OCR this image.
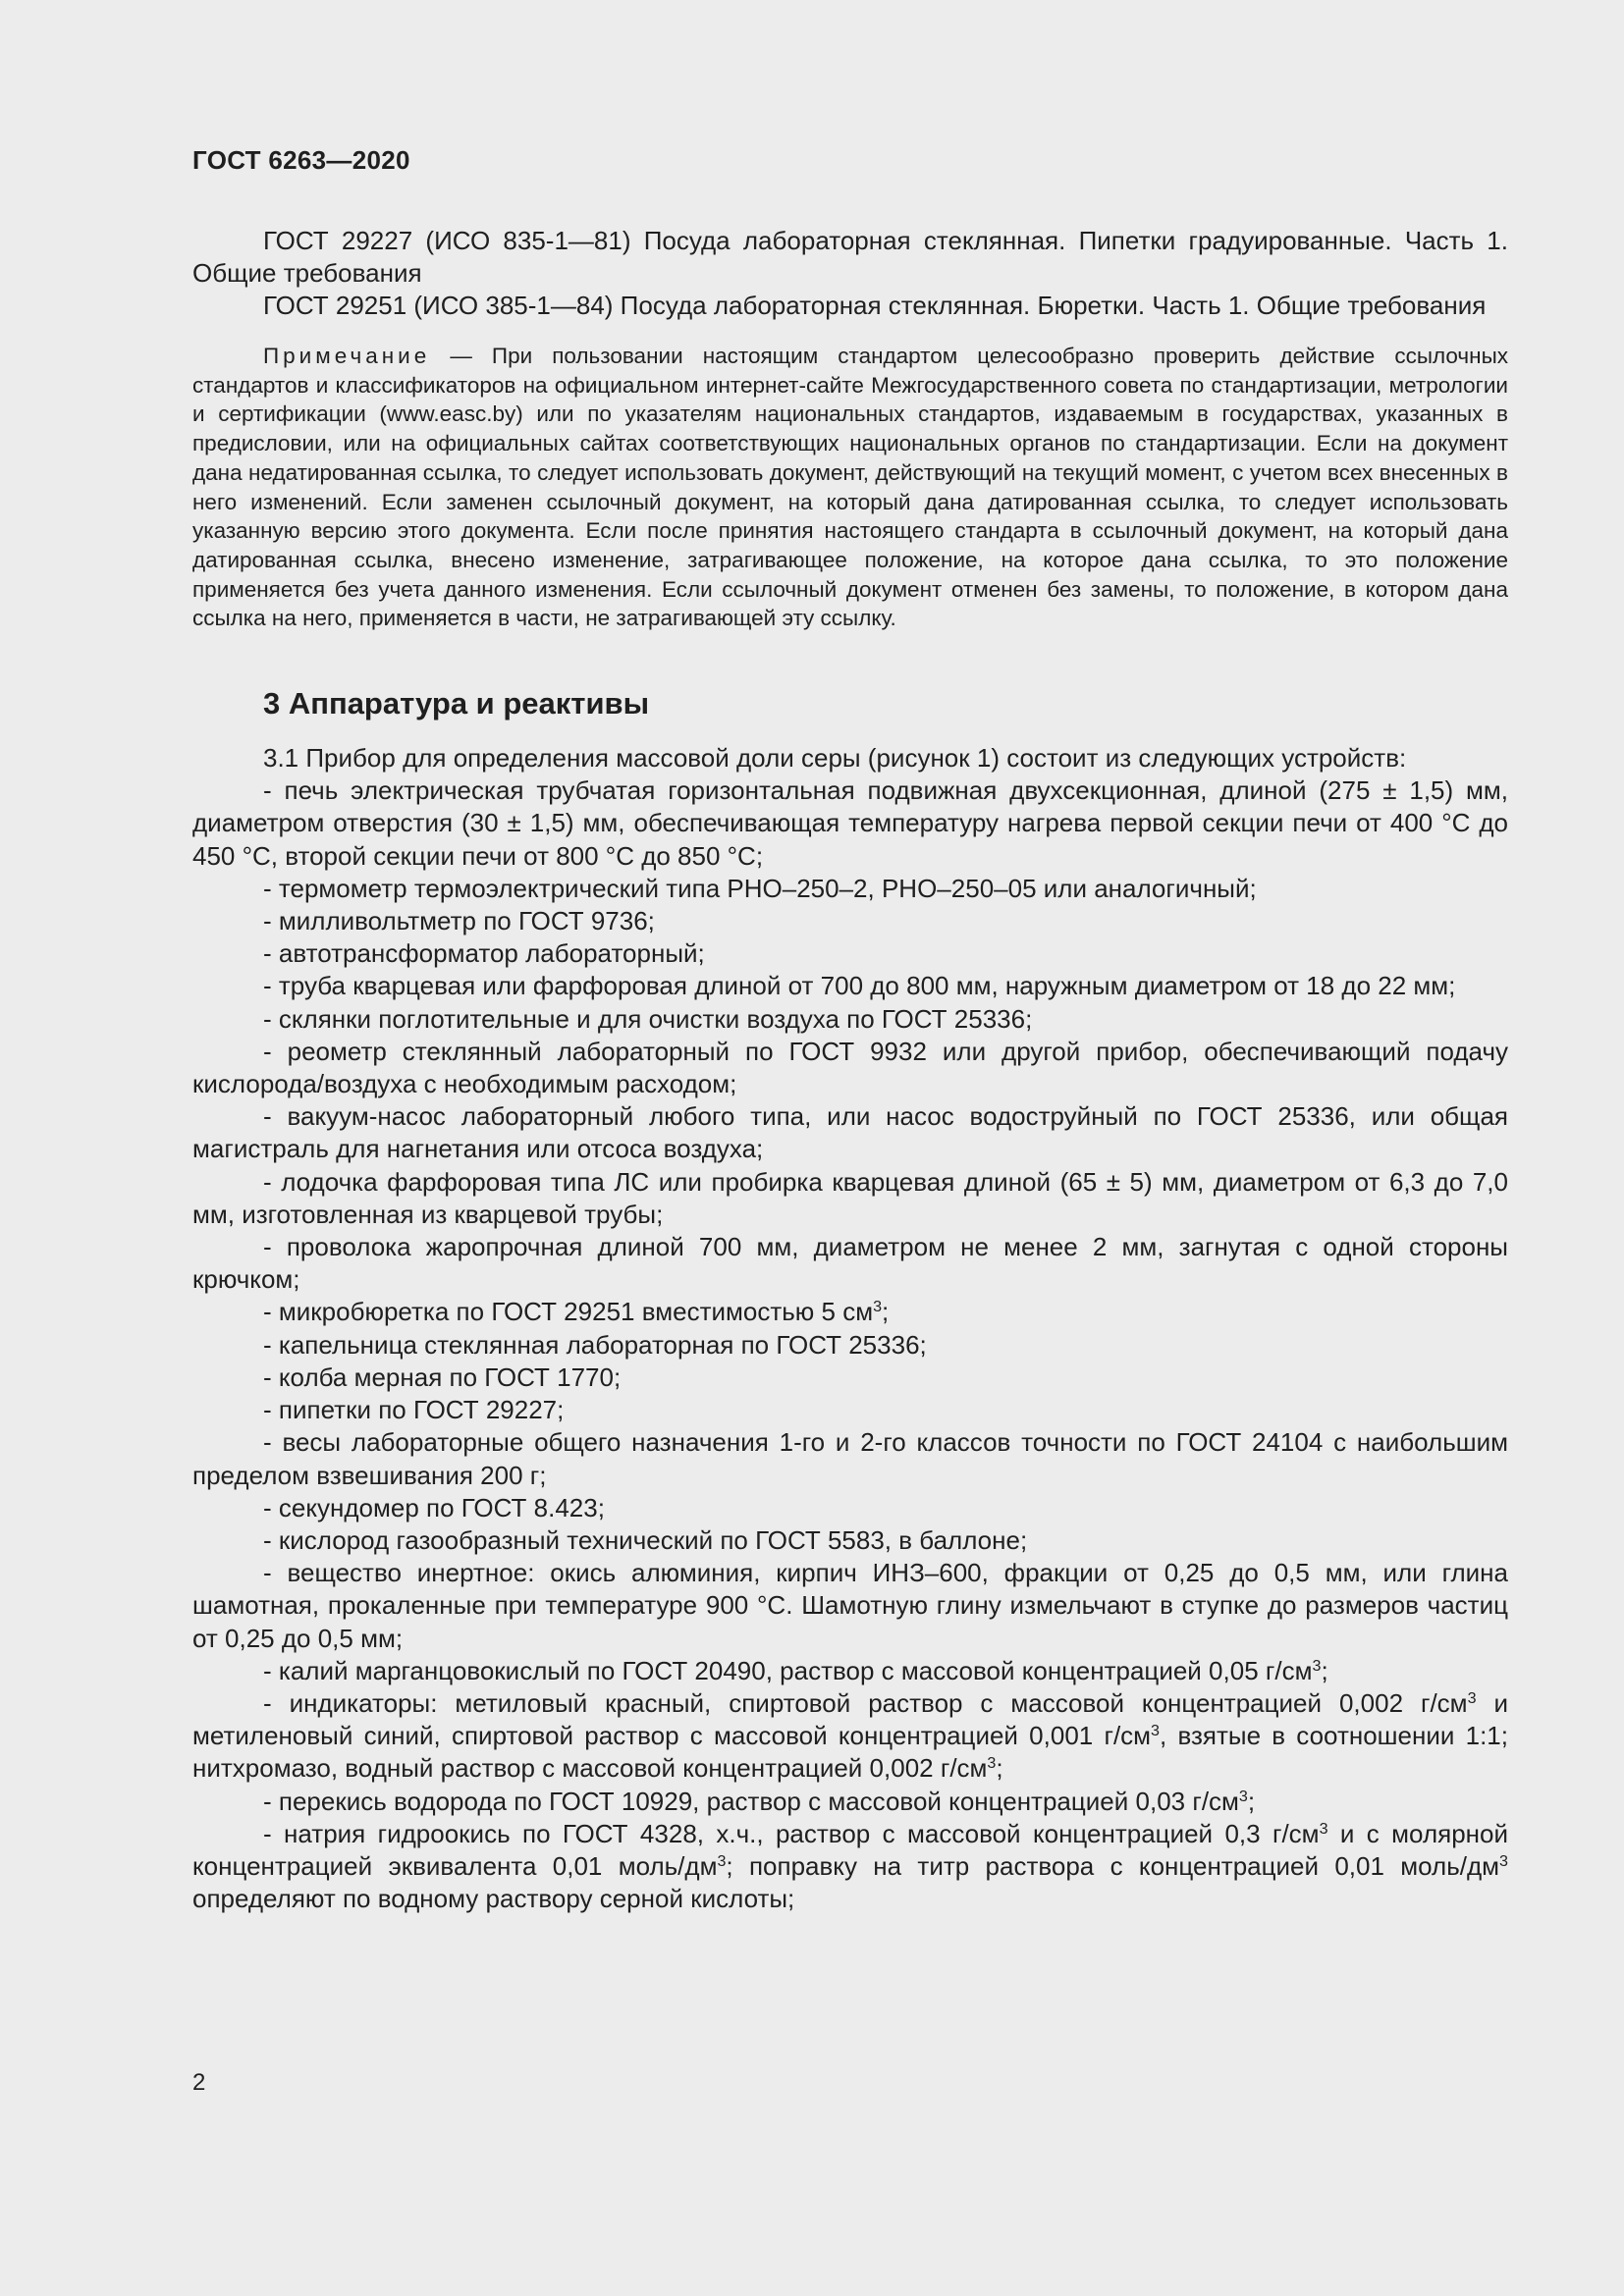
ГОСТ 6263—2020

ГОСТ 29227 (ИСО 835-1—81) Посуда лабораторная стеклянная. Пипетки градуированные. Часть 1. Общие требования

ГОСТ 29251 (ИСО 385-1—84) Посуда лабораторная стеклянная. Бюретки. Часть 1. Общие требования

Примечание — При пользовании настоящим стандартом целесообразно проверить действие ссылочных стандартов и классификаторов на официальном интернет-сайте Межгосударственного совета по стандартизации, метрологии и сертификации (www.easc.by) или по указателям национальных стандартов, издаваемым в государствах, указанных в предисловии, или на официальных сайтах соответствующих национальных органов по стандартизации. Если на документ дана недатированная ссылка, то следует использовать документ, действующий на текущий момент, с учетом всех внесенных в него изменений. Если заменен ссылочный документ, на который дана датированная ссылка, то следует использовать указанную версию этого документа. Если после принятия настоящего стандарта в ссылочный документ, на который дана датированная ссылка, внесено изменение, затрагивающее положение, на которое дана ссылка, то это положение применяется без учета данного изменения. Если ссылочный документ отменен без замены, то положение, в котором дана ссылка на него, применяется в части, не затрагивающей эту ссылку.

3 Аппаратура и реактивы

3.1 Прибор для определения массовой доли серы (рисунок 1) состоит из следующих устройств:

- печь электрическая трубчатая горизонтальная подвижная двухсекционная, длиной (275 ± 1,5) мм, диаметром отверстия (30 ± 1,5) мм, обеспечивающая температуру нагрева первой секции печи от 400 °С до 450 °С, второй секции печи от 800 °С до 850 °С;

- термометр термоэлектрический типа РНО–250–2, РНО–250–05 или аналогичный;

- милливольтметр по ГОСТ 9736;

- автотрансформатор лабораторный;

- труба кварцевая или фарфоровая длиной от 700 до 800 мм, наружным диаметром от 18 до 22 мм;

- склянки поглотительные и для очистки воздуха по ГОСТ 25336;

- реометр стеклянный лабораторный по ГОСТ 9932 или другой прибор, обеспечивающий подачу кислорода/воздуха с необходимым расходом;

- вакуум-насос лабораторный любого типа, или насос водоструйный по ГОСТ 25336, или общая магистраль для нагнетания или отсоса воздуха;

- лодочка фарфоровая типа ЛС или пробирка кварцевая длиной (65 ± 5) мм, диаметром от 6,3 до 7,0 мм, изготовленная из кварцевой трубы;

- проволока жаропрочная длиной 700 мм, диаметром не менее 2 мм, загнутая с одной стороны крючком;

- микробюретка по ГОСТ 29251 вместимостью 5 $см^3$;

- капельница стеклянная лабораторная по ГОСТ 25336;

- колба мерная по ГОСТ 1770;

- пипетки по ГОСТ 29227;

- весы лабораторные общего назначения 1-го и 2-го классов точности по ГОСТ 24104 с наибольшим пределом взвешивания 200 г;

- секундомер по ГОСТ 8.423;

- кислород газообразный технический по ГОСТ 5583, в баллоне;

- вещество инертное: окись алюминия, кирпич ИНЗ–600, фракции от 0,25 до 0,5 мм, или глина шамотная, прокаленные при температуре 900 °С. Шамотную глину измельчают в ступке до размеров частиц от 0,25 до 0,5 мм;

- калий марганцовокислый по ГОСТ 20490, раствор с массовой концентрацией 0,05 $г/см^3$;

- индикаторы: метиловый красный, спиртовой раствор с массовой концентрацией 0,002 $г/см^3$ и метиленовый синий, спиртовой раствор с массовой концентрацией 0,001 $г/см^3$, взятые в соотношении 1:1; нитхромазо, водный раствор с массовой концентрацией 0,002 $г/см^3$;

- перекись водорода по ГОСТ 10929, раствор с массовой концентрацией 0,03 $г/см^3$;

- натрия гидроокись по ГОСТ 4328, х.ч., раствор с массовой концентрацией 0,3 $г/см^3$ и с молярной концентрацией эквивалента 0,01 моль/$дм^3$; поправку на титр раствора с концентрацией 0,01 моль/$дм^3$ определяют по водному раствору серной кислоты;

2
